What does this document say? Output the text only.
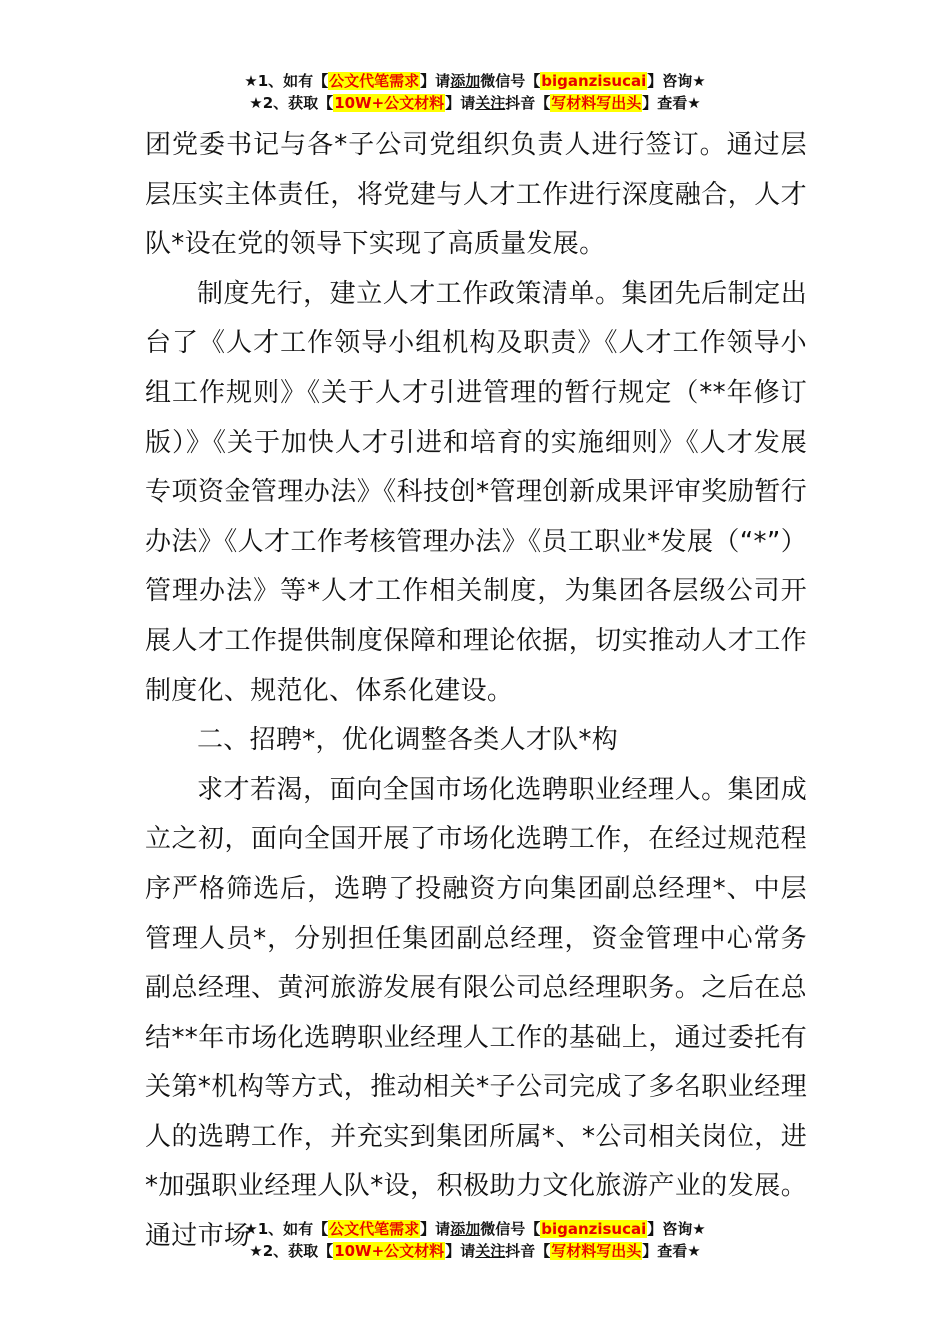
★1、如有【公文代笔需求】请添加微信号【biganzisucai】咨询★
★2、获取【10W+公文材料】请关注抖音【写材料写出头】查看★

团党委书记与各*子公司党组织负责人进行签订。通过层层压实主体责任，将党建与人才工作进行深度融合，人才队*设在党的领导下实现了高质量发展。

制度先行，建立人才工作政策清单。集团先后制定出台了《人才工作领导小组机构及职责》《人才工作领导小组工作规则》《关于人才引进管理的暂行规定（**年修订版）》《关于加快人才引进和培育的实施细则》《人才发展专项资金管理办法》《科技创*管理创新成果评审奖励暂行办法》《人才工作考核管理办法》《员工职业*发展（“*”）管理办法》等*人才工作相关制度，为集团各层级公司开展人才工作提供制度保障和理论依据，切实推动人才工作制度化、规范化、体系化建设。

二、招聘*，优化调整各类人才队*构

求才若渴，面向全国市场化选聘职业经理人。集团成立之初，面向全国开展了市场化选聘工作，在经过规范程序严格筛选后，选聘了投融资方向集团副总经理*、中层管理人员*，分别担任集团副总经理，资金管理中心常务副总经理、黄河旅游发展有限公司总经理职务。之后在总结**年市场化选聘职业经理人工作的基础上，通过委托有关第*机构等方式，推动相关*子公司完成了多名职业经理人的选聘工作，并充实到集团所属*、*公司相关岗位，进*加强职业经理人队*设，积极助力文化旅游产业的发展。通过市场

★1、如有【公文代笔需求】请添加微信号【biganzisucai】咨询★
★2、获取【10W+公文材料】请关注抖音【写材料写出头】查看★
